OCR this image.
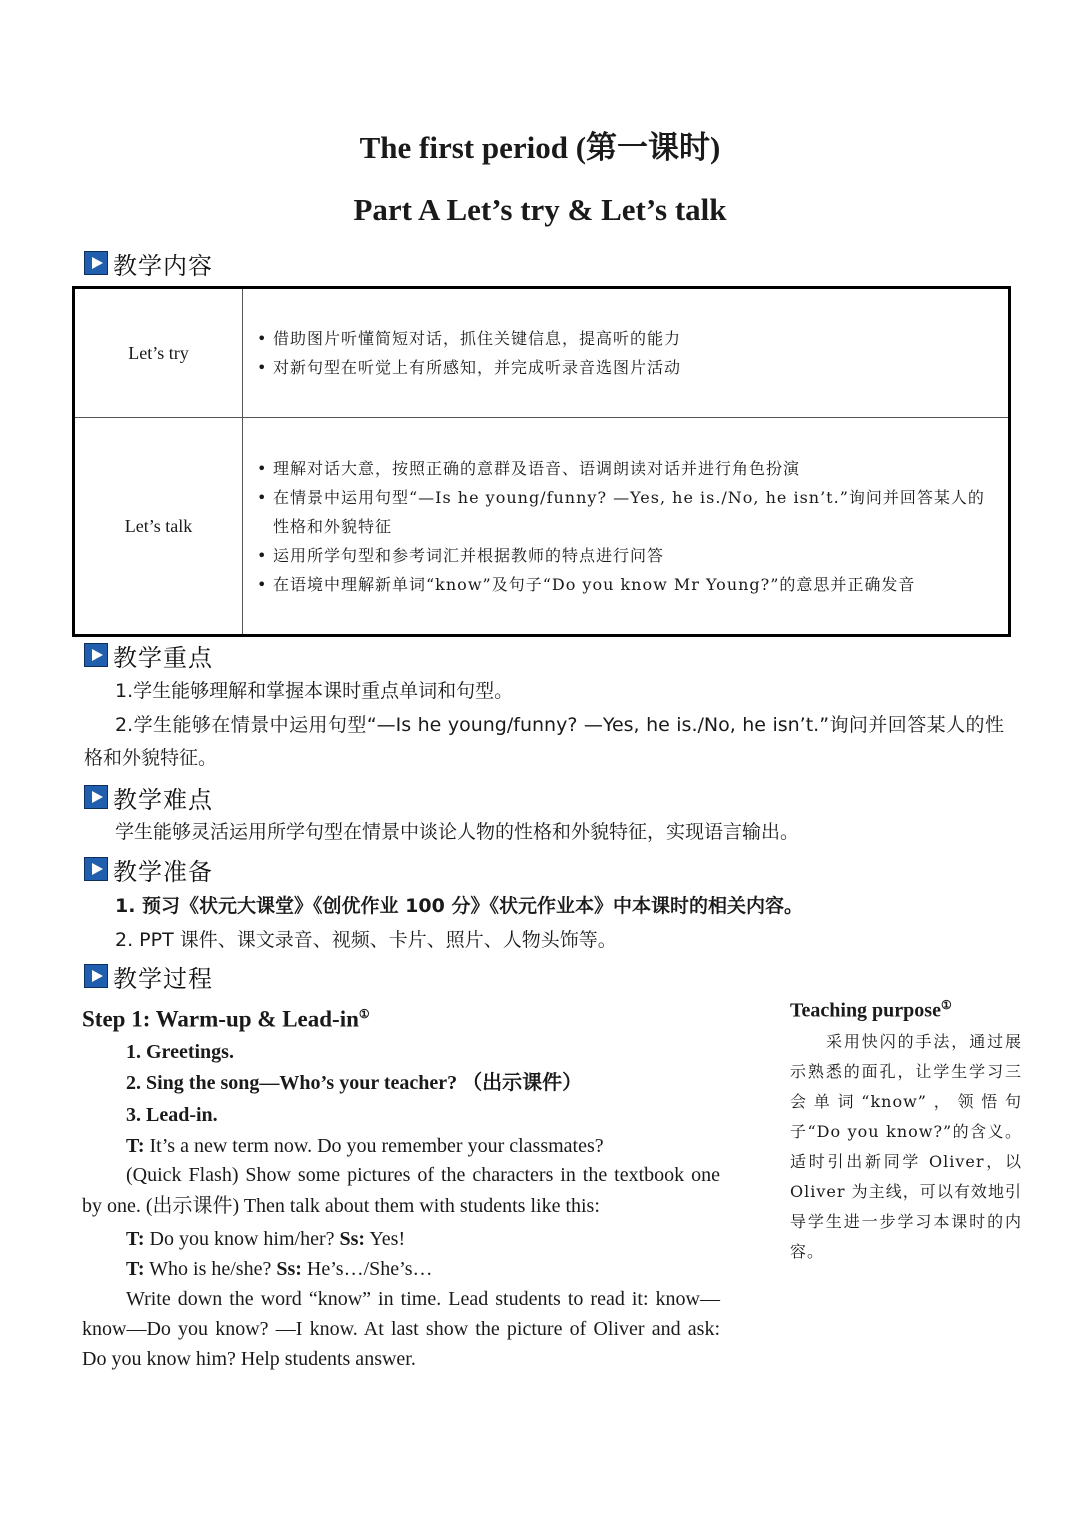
The first period (第一课时)
Part A Let’s try & Let’s talk
教学内容
Let’s try	• 借助图片听懂简短对话，抓住关键信息，提高听的能力
• 对新句型在听觉上有所感知，并完成听录音选图片活动

Let’s talk	• 理解对话大意，按照正确的意群及语音、语调朗读对话并进行角色扮演
• 在情景中运用句型“—Is he young/funny? —Yes, he is./No, he isn’t.”询问并回答某人的性格和外貌特征
• 运用所学句型和参考词汇并根据教师的特点进行问答
• 在语境中理解新单词“know”及句子“Do you know Mr Young?”的意思并正确发音
教学重点
1.学生能够理解和掌握本课时重点单词和句型。
2.学生能够在情景中运用句型“—Is he young/funny? —Yes, he is./No, he isn’t.”询问并回答某人的性格和外貌特征。
教学难点
学生能够灵活运用所学句型在情景中谈论人物的性格和外貌特征，实现语言输出。
教学准备
1. 预习《状元大课堂》《创优作业 100 分》《状元作业本》中本课时的相关内容。
2. PPT 课件、课文录音、视频、卡片、照片、人物头饰等。
教学过程
Step 1: Warm-up & Lead-in①
1. Greetings.
2. Sing the song—Who’s your teacher? （出示课件）
3. Lead-in.
T: It’s a new term now. Do you remember your classmates?
(Quick Flash) Show some pictures of the characters in the textbook one by one. (出示课件) Then talk about them with students like this:
T: Do you know him/her? Ss: Yes!
T: Who is he/she? Ss: He’s…/She’s…
Write down the word “know” in time. Lead students to read it: know—know—Do you know? —I know. At last show the picture of Oliver and ask: Do you know him? Help students answer.
Teaching purpose①
采用快闪的手法，通过展示熟悉的面孔，让学生学习三会单词“know”，领悟句子“Do you know?”的含义。适时引出新同学 Oliver，以 Oliver 为主线，可以有效地引导学生进一步学习本课时的内容。
